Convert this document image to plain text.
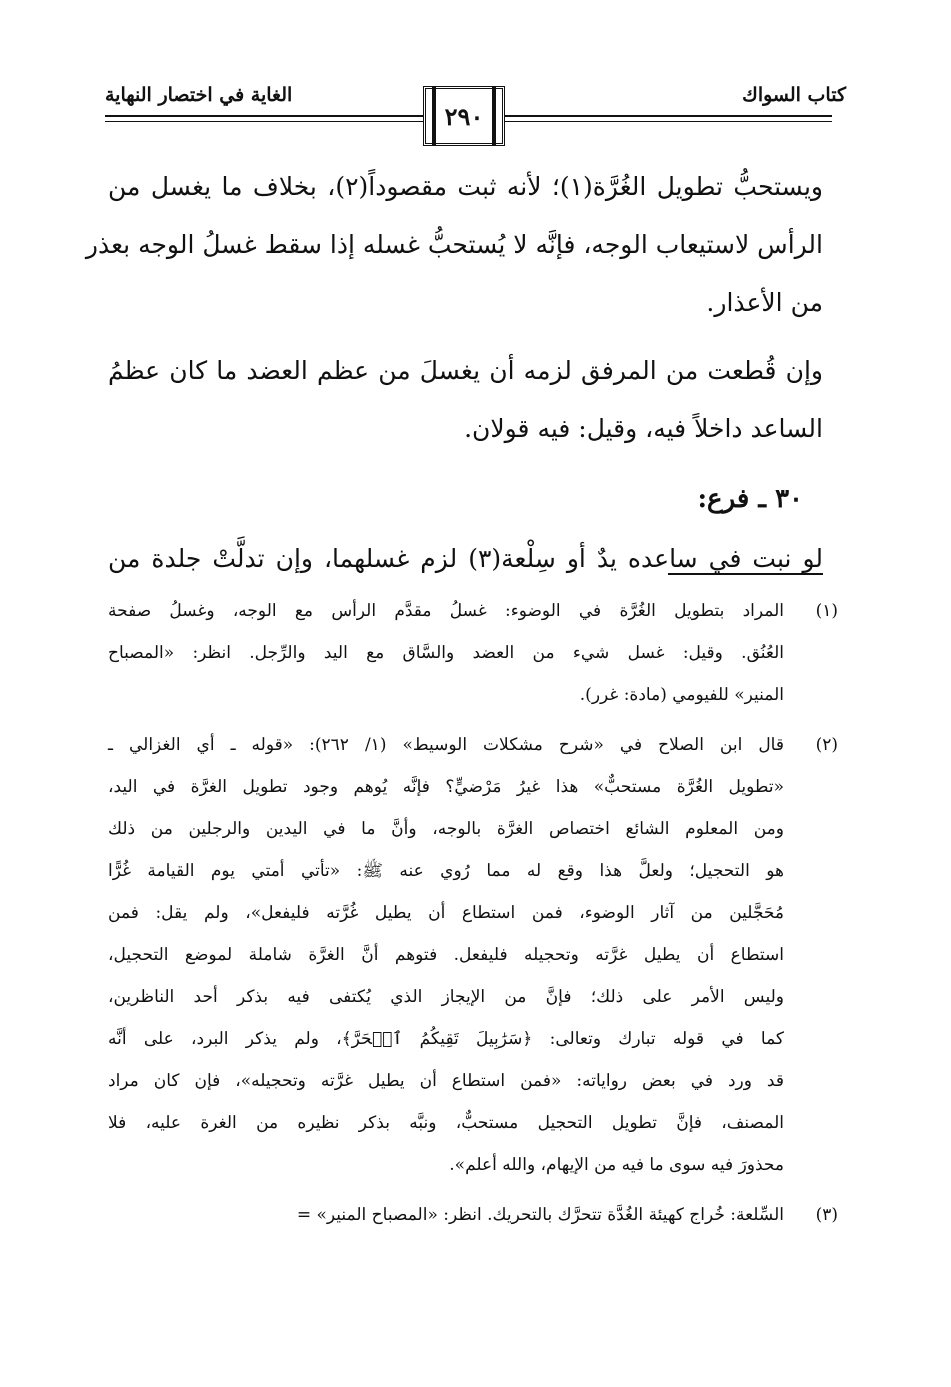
كتاب السواك
الغاية في اختصار النهاية
٢٩٠
ويستحبُّ تطويل الغُرَّة(١)؛ لأنه ثبت مقصوداً(٢)، بخلاف ما يغسل من
الرأس لاستيعاب الوجه، فإنَّه لا يُستحبُّ غسله إذا سقط غسلُ الوجه بعذر
من الأعذار.
وإن قُطعت من المرفق لزمه أن يغسلَ من عظم العضد ما كان عظمُ
الساعد داخلاً فيه، وقيل: فيه قولان.
٣٠ ـ فرع:
لو نبت في ساعده يدٌ أو سِلْعة(٣) لزم غسلهما، وإن تدلَّتْ جلدة من
(١)
المراد بتطويل الغُرَّة في الوضوء: غسلُ مقدَّم الرأس مع الوجه، وغسلُ صفحة
العُنُق. وقيل: غسل شيء من العضد والسَّاق مع اليد والرِّجل. انظر: «المصباح
المنير» للفيومي (مادة: غرر).
(٢)
قال ابن الصلاح في «شرح مشكلات الوسيط» (١/ ٢٦٢): «قوله ـ أي الغزالي ـ
«تطويل الغُرَّة مستحبٌّ» هذا غيرُ مَرْضيٍّ؟ فإنَّه يُوهم وجود تطويل الغرَّة في اليد،
ومن المعلوم الشائع اختصاص الغرَّة بالوجه، وأنَّ ما في اليدين والرجلين من ذلك
هو التحجيل؛ ولعلَّ هذا وقع له مما رُوي عنه ﷺ: «تأتي أمتي يوم القيامة غُرًّا
مُحَجَّلين من آثار الوضوء، فمن استطاع أن يطيل غُرَّته فليفعل»، ولم يقل: فمن
استطاع أن يطيل غرَّته وتحجيله فليفعل. فتوهم أنَّ الغرَّة شاملة لموضع التحجيل،
وليس الأمر على ذلك؛ فإنَّ من الإيجاز الذي يُكتفى فيه بذكر أحد الناظرين،
كما في قوله تبارك وتعالى: ﴿سَرَٰبِيلَ تَقِيكُمُ ٱلۡحَرَّ﴾، ولم يذكر البرد، على أنَّه
قد ورد في بعض رواياته: «فمن استطاع أن يطيل غرَّته وتحجيله»، فإن كان مراد
المصنف، فإنَّ تطويل التحجيل مستحبٌّ، ونبَّه بذكر نظيره من الغرة عليه، فلا
محذورَ فيه سوى ما فيه من الإيهام، والله أعلم».
(٣)
السِّلعة: خُراج كهيئة الغُدَّة تتحرَّك بالتحريك. انظر: «المصباح المنير» =
